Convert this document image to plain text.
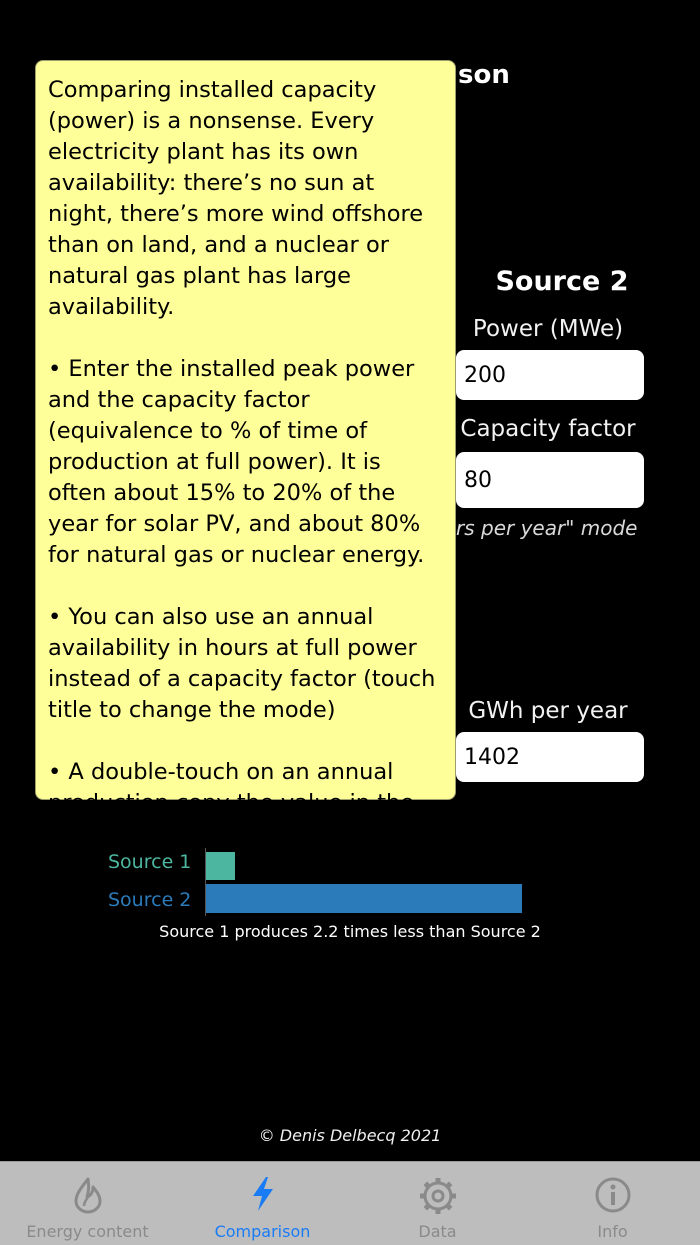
son
Source 2
Power (MWe)
200
Capacity factor
80
rs per year" mode
GWh per year
1402
Comparing installed capacity (power) is a nonsense. Every electricity plant has its own availability: there’s no sun at night, there’s more wind offshore than on land, and a nuclear or natural gas plant has large availability.

• Enter the installed peak power and the capacity factor (equivalence to % of time of production at full power). It is often about 15% to 20% of the year for solar PV, and about 80% for natural gas or nuclear energy.

• You can also use an annual availability in hours at full power instead of a capacity factor (touch title to change the mode)

• A double-touch on an annual production copy the value in the
Source 1
Source 2
Source 1 produces 2.2 times less than Source 2
© Denis Delbecq 2021
Energy content	Comparison	Data	Info
